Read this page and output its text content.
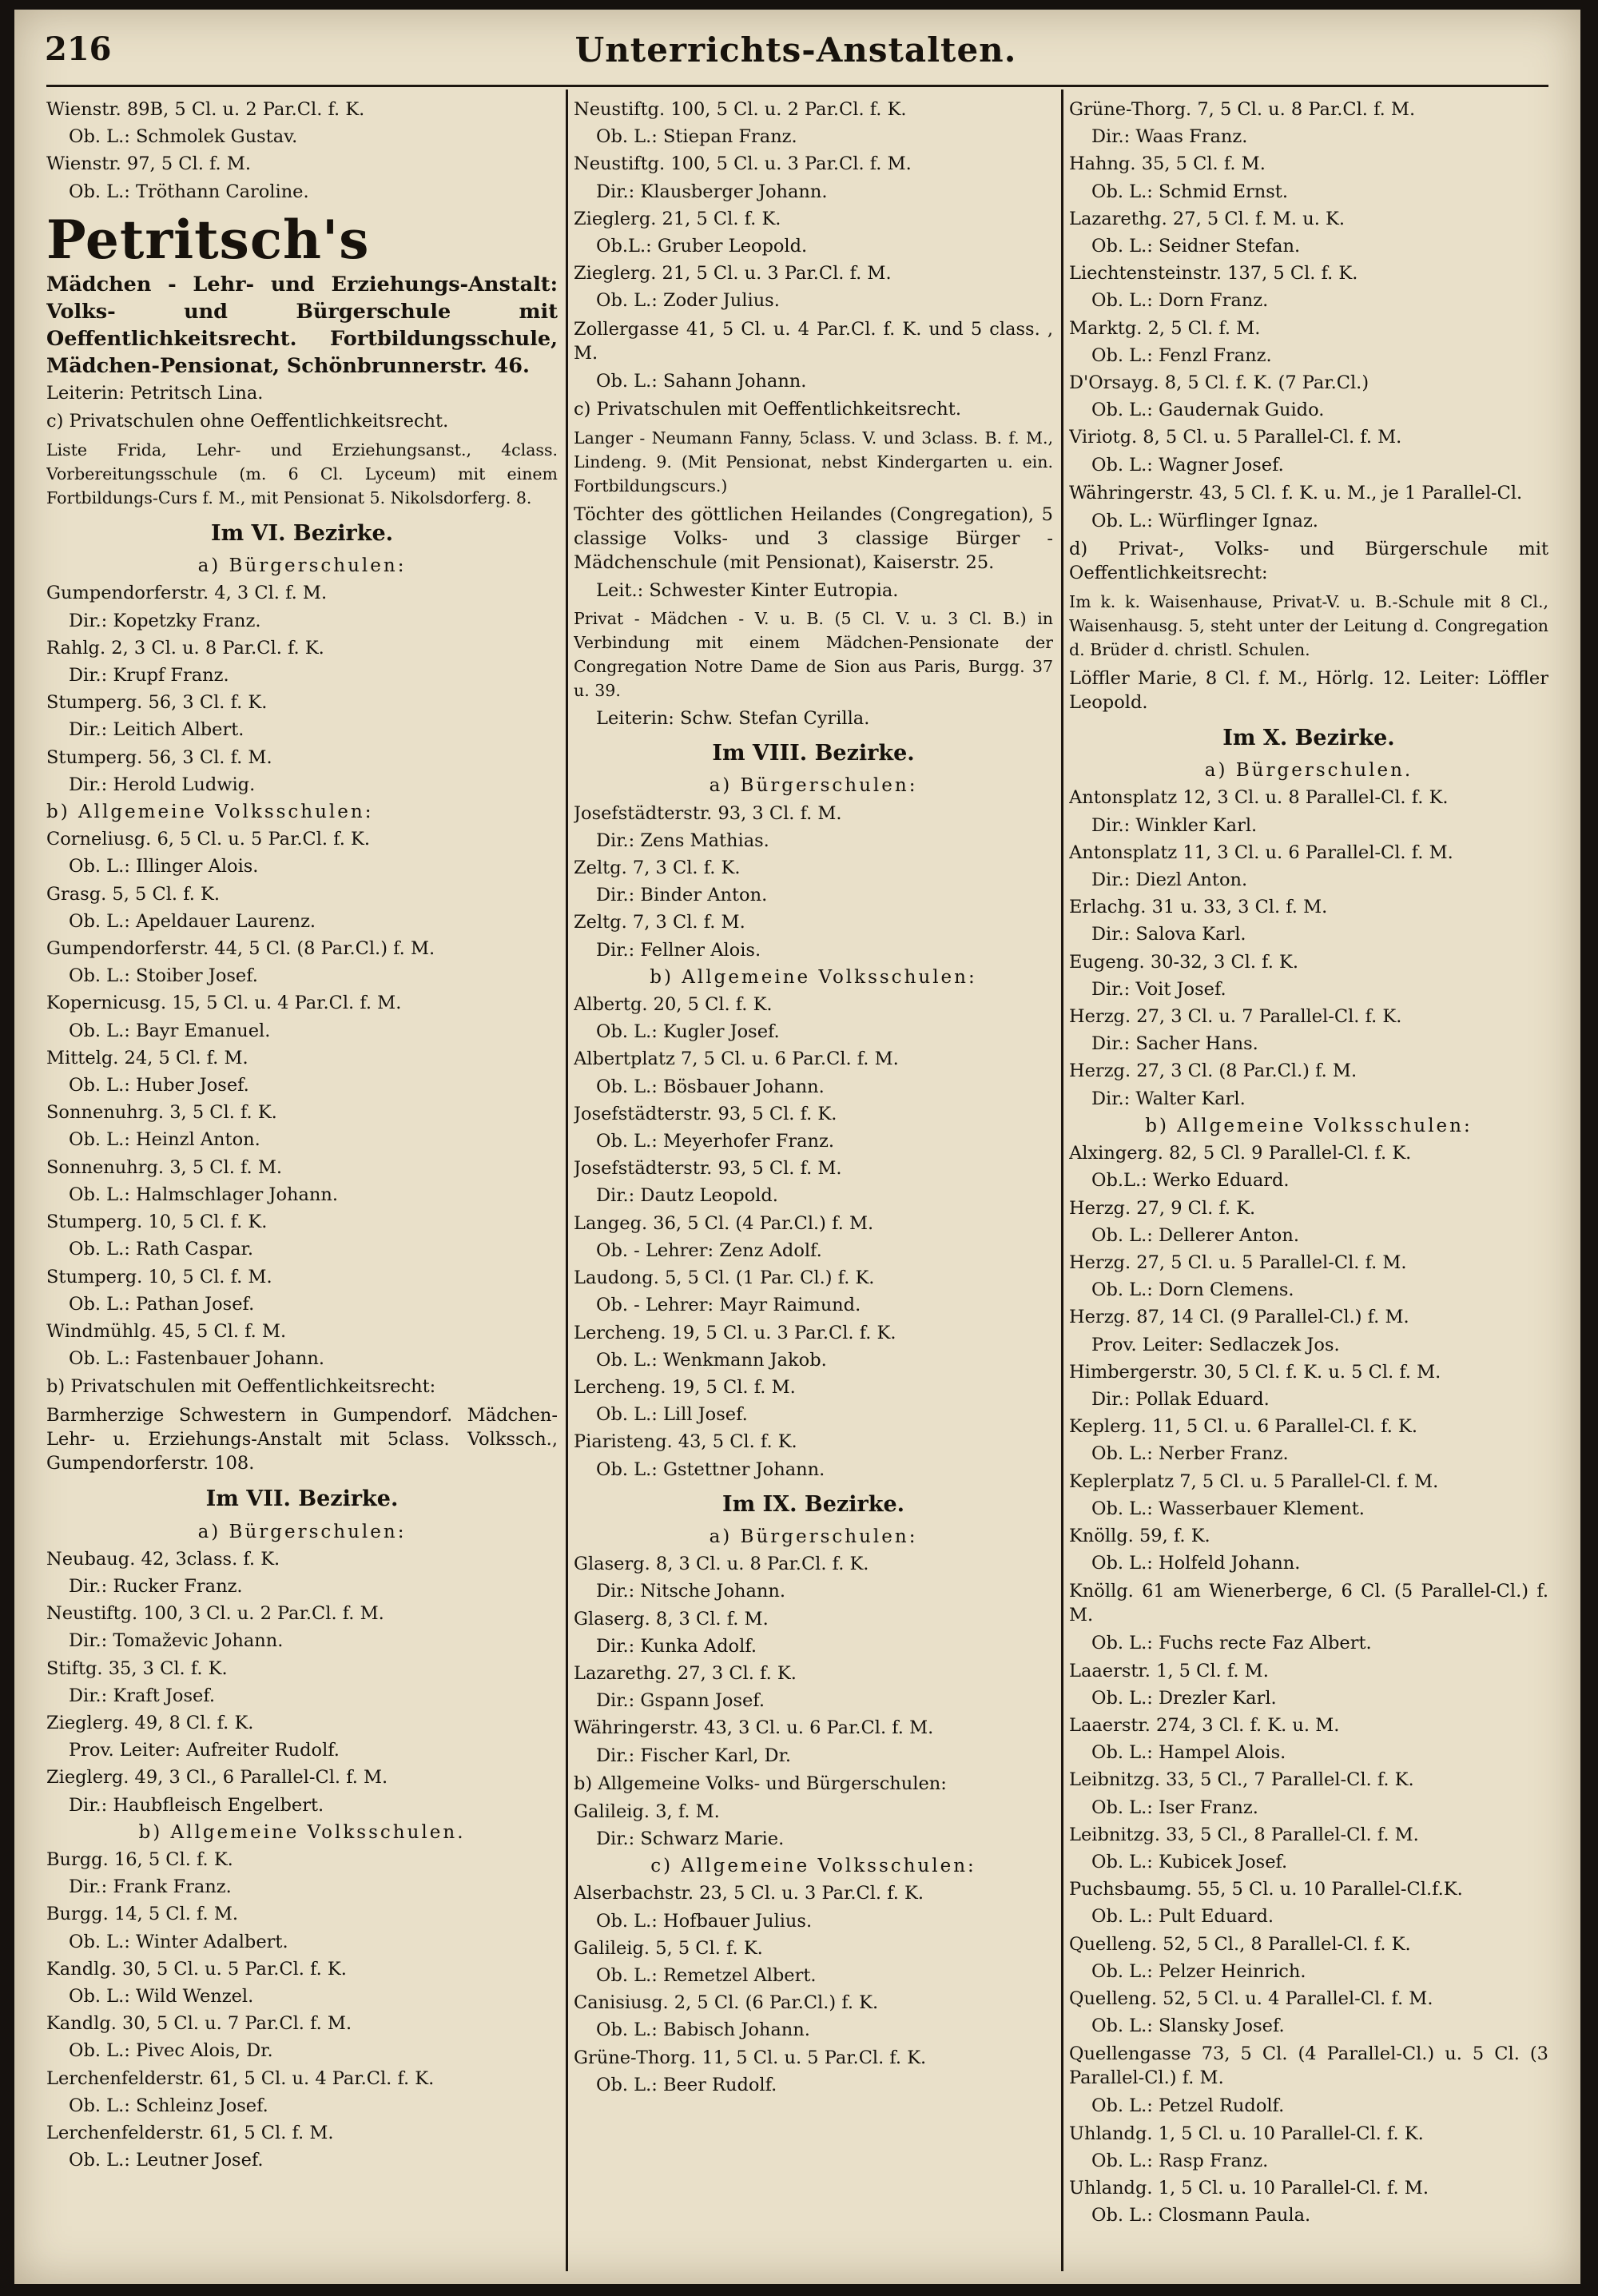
216	Unterrichts-Anstalten.
Wienstr. 89B, 5 Cl. u. 2 Par.Cl. f. K.
Ob. L.: Schmolek Gustav.
Wienstr. 97, 5 Cl. f. M.
Ob. L.: Tröthann Caroline.
Petritsch's
Mädchen - Lehr- und Erziehungs-Anstalt: Volks- und Bürgerschule mit Oeffentlichkeitsrecht. Fortbildungsschule, Mädchen-Pensionat, Schönbrunnerstr. 46.
Leiterin: Petritsch Lina.
c) Privatschulen ohne Oeffentlichkeitsrecht.
Liste Frida, Lehr- und Erziehungsanst., 4class. Vorbereitungsschule (m. 6 Cl. Lyceum) mit einem Fortbildungs-Curs f. M., mit Pensionat 5. Nikolsdorferg. 8.
Im VI. Bezirke.
a) Bürgerschulen:
Gumpendorferstr. 4, 3 Cl. f. M.
Dir.: Kopetzky Franz.
Rahlg. 2, 3 Cl. u. 8 Par.Cl. f. K.
Dir.: Krupf Franz.
Stumperg. 56, 3 Cl. f. K.
Dir.: Leitich Albert.
Stumperg. 56, 3 Cl. f. M.
Dir.: Herold Ludwig.
b) Allgemeine Volksschulen:
Corneliusg. 6, 5 Cl. u. 5 Par.Cl. f. K.
Ob. L.: Illinger Alois.
Grasg. 5, 5 Cl. f. K.
Ob. L.: Apeldauer Laurenz.
Gumpendorferstr. 44, 5 Cl. (8 Par.Cl.) f. M.
Ob. L.: Stoiber Josef.
Kopernicusg. 15, 5 Cl. u. 4 Par.Cl. f. M.
Ob. L.: Bayr Emanuel.
Mittelg. 24, 5 Cl. f. M.
Ob. L.: Huber Josef.
Sonnenuhrg. 3, 5 Cl. f. K.
Ob. L.: Heinzl Anton.
Sonnenuhrg. 3, 5 Cl. f. M.
Ob. L.: Halmschlager Johann.
Stumperg. 10, 5 Cl. f. K.
Ob. L.: Rath Caspar.
Stumperg. 10, 5 Cl. f. M.
Ob. L.: Pathan Josef.
Windmühlg. 45, 5 Cl. f. M.
Ob. L.: Fastenbauer Johann.
b) Privatschulen mit Oeffentlichkeitsrecht:
Barmherzige Schwestern in Gumpendorf. Mädchen-Lehr- u. Erziehungs-Anstalt mit 5class. Volkssch., Gumpendorferstr. 108.
Im VII. Bezirke.
a) Bürgerschulen:
Neubaug. 42, 3class. f. K.
Dir.: Rucker Franz.
Neustiftg. 100, 3 Cl. u. 2 Par.Cl. f. M.
Dir.: Tomaževic Johann.
Stiftg. 35, 3 Cl. f. K.
Dir.: Kraft Josef.
Zieglerg. 49, 8 Cl. f. K.
Prov. Leiter: Aufreiter Rudolf.
Zieglerg. 49, 3 Cl., 6 Parallel-Cl. f. M.
Dir.: Haubfleisch Engelbert.
b) Allgemeine Volksschulen.
Burgg. 16, 5 Cl. f. K.
Dir.: Frank Franz.
Burgg. 14, 5 Cl. f. M.
Ob. L.: Winter Adalbert.
Kandlg. 30, 5 Cl. u. 5 Par.Cl. f. K.
Ob. L.: Wild Wenzel.
Kandlg. 30, 5 Cl. u. 7 Par.Cl. f. M.
Ob. L.: Pivec Alois, Dr.
Lerchenfelderstr. 61, 5 Cl. u. 4 Par.Cl. f. K.
Ob. L.: Schleinz Josef.
Lerchenfelderstr. 61, 5 Cl. f. M.
Ob. L.: Leutner Josef.
Neustiftg. 100, 5 Cl. u. 2 Par.Cl. f. K.
Ob. L.: Stiepan Franz.
Neustiftg. 100, 5 Cl. u. 3 Par.Cl. f. M.
Dir.: Klausberger Johann.
Zieglerg. 21, 5 Cl. f. K.
Ob.L.: Gruber Leopold.
Zieglerg. 21, 5 Cl. u. 3 Par.Cl. f. M.
Ob. L.: Zoder Julius.
Zollergasse 41, 5 Cl. u. 4 Par.Cl. f. K. und 5 class. , M.
Ob. L.: Sahann Johann.
c) Privatschulen mit Oeffentlichkeitsrecht.
Langer - Neumann Fanny, 5class. V. und 3class. B. f. M., Lindeng. 9. (Mit Pensionat, nebst Kindergarten u. ein. Fortbildungscurs.)
Töchter des göttlichen Heilandes (Congregation), 5 classige Volks- und 3 classige Bürger - Mädchenschule (mit Pensionat), Kaiserstr. 25.
Leit.: Schwester Kinter Eutropia.
Privat - Mädchen - V. u. B. (5 Cl. V. u. 3 Cl. B.) in Verbindung mit einem Mädchen-Pensionate der Congregation Notre Dame de Sion aus Paris, Burgg. 37 u. 39.
Leiterin: Schw. Stefan Cyrilla.
Im VIII. Bezirke.
a) Bürgerschulen:
Josefstädterstr. 93, 3 Cl. f. M.
Dir.: Zens Mathias.
Zeltg. 7, 3 Cl. f. K.
Dir.: Binder Anton.
Zeltg. 7, 3 Cl. f. M.
Dir.: Fellner Alois.
b) Allgemeine Volksschulen:
Albertg. 20, 5 Cl. f. K.
Ob. L.: Kugler Josef.
Albertplatz 7, 5 Cl. u. 6 Par.Cl. f. M.
Ob. L.: Bösbauer Johann.
Josefstädterstr. 93, 5 Cl. f. K.
Ob. L.: Meyerhofer Franz.
Josefstädterstr. 93, 5 Cl. f. M.
Dir.: Dautz Leopold.
Langeg. 36, 5 Cl. (4 Par.Cl.) f. M.
Ob. - Lehrer: Zenz Adolf.
Laudong. 5, 5 Cl. (1 Par. Cl.) f. K.
Ob. - Lehrer: Mayr Raimund.
Lercheng. 19, 5 Cl. u. 3 Par.Cl. f. K.
Ob. L.: Wenkmann Jakob.
Lercheng. 19, 5 Cl. f. M.
Ob. L.: Lill Josef.
Piaristeng. 43, 5 Cl. f. K.
Ob. L.: Gstettner Johann.
Im IX. Bezirke.
a) Bürgerschulen:
Glaserg. 8, 3 Cl. u. 8 Par.Cl. f. K.
Dir.: Nitsche Johann.
Glaserg. 8, 3 Cl. f. M.
Dir.: Kunka Adolf.
Lazarethg. 27, 3 Cl. f. K.
Dir.: Gspann Josef.
Währingerstr. 43, 3 Cl. u. 6 Par.Cl. f. M.
Dir.: Fischer Karl, Dr.
b) Allgemeine Volks- und Bürgerschulen:
Galileig. 3, f. M.
Dir.: Schwarz Marie.
c) Allgemeine Volksschulen:
Alserbachstr. 23, 5 Cl. u. 3 Par.Cl. f. K.
Ob. L.: Hofbauer Julius.
Galileig. 5, 5 Cl. f. K.
Ob. L.: Remetzel Albert.
Canisiusg. 2, 5 Cl. (6 Par.Cl.) f. K.
Ob. L.: Babisch Johann.
Grüne-Thorg. 11, 5 Cl. u. 5 Par.Cl. f. K.
Ob. L.: Beer Rudolf.
Grüne-Thorg. 7, 5 Cl. u. 8 Par.Cl. f. M.
Dir.: Waas Franz.
Hahng. 35, 5 Cl. f. M.
Ob. L.: Schmid Ernst.
Lazarethg. 27, 5 Cl. f. M. u. K.
Ob. L.: Seidner Stefan.
Liechtensteinstr. 137, 5 Cl. f. K.
Ob. L.: Dorn Franz.
Marktg. 2, 5 Cl. f. M.
Ob. L.: Fenzl Franz.
D'Orsayg. 8, 5 Cl. f. K. (7 Par.Cl.)
Ob. L.: Gaudernak Guido.
Viriotg. 8, 5 Cl. u. 5 Parallel-Cl. f. M.
Ob. L.: Wagner Josef.
Währingerstr. 43, 5 Cl. f. K. u. M., je 1 Parallel-Cl.
Ob. L.: Würflinger Ignaz.
d) Privat-, Volks- und Bürgerschule mit Oeffentlichkeitsrecht:
Im k. k. Waisenhause, Privat-V. u. B.-Schule mit 8 Cl., Waisenhausg. 5, steht unter der Leitung d. Congregation d. Brüder d. christl. Schulen.
Löffler Marie, 8 Cl. f. M., Hörlg. 12. Leiter: Löffler Leopold.
Im X. Bezirke.
a) Bürgerschulen.
Antonsplatz 12, 3 Cl. u. 8 Parallel-Cl. f. K.
Dir.: Winkler Karl.
Antonsplatz 11, 3 Cl. u. 6 Parallel-Cl. f. M.
Dir.: Diezl Anton.
Erlachg. 31 u. 33, 3 Cl. f. M.
Dir.: Salova Karl.
Eugeng. 30-32, 3 Cl. f. K.
Dir.: Voit Josef.
Herzg. 27, 3 Cl. u. 7 Parallel-Cl. f. K.
Dir.: Sacher Hans.
Herzg. 27, 3 Cl. (8 Par.Cl.) f. M.
Dir.: Walter Karl.
b) Allgemeine Volksschulen:
Alxingerg. 82, 5 Cl. 9 Parallel-Cl. f. K.
Ob.L.: Werko Eduard.
Herzg. 27, 9 Cl. f. K.
Ob. L.: Dellerer Anton.
Herzg. 27, 5 Cl. u. 5 Parallel-Cl. f. M.
Ob. L.: Dorn Clemens.
Herzg. 87, 14 Cl. (9 Parallel-Cl.) f. M.
Prov. Leiter: Sedlaczek Jos.
Himbergerstr. 30, 5 Cl. f. K. u. 5 Cl. f. M.
Dir.: Pollak Eduard.
Keplerg. 11, 5 Cl. u. 6 Parallel-Cl. f. K.
Ob. L.: Nerber Franz.
Keplerplatz 7, 5 Cl. u. 5 Parallel-Cl. f. M.
Ob. L.: Wasserbauer Klement.
Knöllg. 59, f. K.
Ob. L.: Holfeld Johann.
Knöllg. 61 am Wienerberge, 6 Cl. (5 Parallel-Cl.) f. M.
Ob. L.: Fuchs recte Faz Albert.
Laaerstr. 1, 5 Cl. f. M.
Ob. L.: Drezler Karl.
Laaerstr. 274, 3 Cl. f. K. u. M.
Ob. L.: Hampel Alois.
Leibnitzg. 33, 5 Cl., 7 Parallel-Cl. f. K.
Ob. L.: Iser Franz.
Leibnitzg. 33, 5 Cl., 8 Parallel-Cl. f. M.
Ob. L.: Kubicek Josef.
Puchsbaumg. 55, 5 Cl. u. 10 Parallel-Cl.f.K.
Ob. L.: Pult Eduard.
Quelleng. 52, 5 Cl., 8 Parallel-Cl. f. K.
Ob. L.: Pelzer Heinrich.
Quelleng. 52, 5 Cl. u. 4 Parallel-Cl. f. M.
Ob. L.: Slansky Josef.
Quellengasse 73, 5 Cl. (4 Parallel-Cl.) u. 5 Cl. (3 Parallel-Cl.) f. M.
Ob. L.: Petzel Rudolf.
Uhlandg. 1, 5 Cl. u. 10 Parallel-Cl. f. K.
Ob. L.: Rasp Franz.
Uhlandg. 1, 5 Cl. u. 10 Parallel-Cl. f. M.
Ob. L.: Closmann Paula.
